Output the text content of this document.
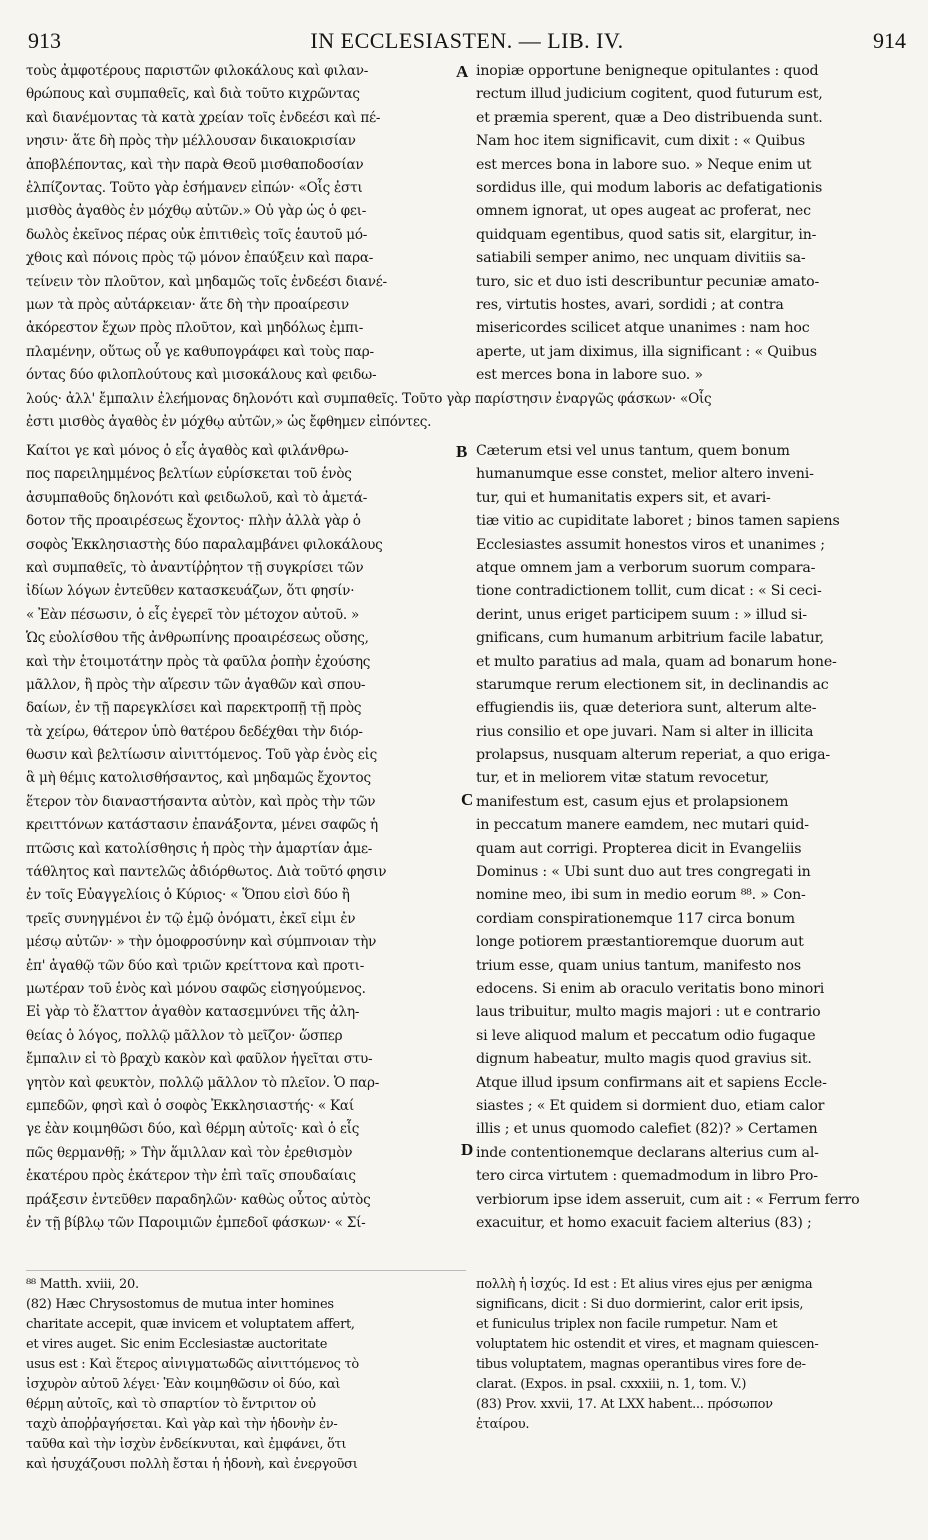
913	IN ECCLESIASTEN. — LIB. IV.	914
τοὺς ἀμφοτέρους παριστῶν φιλοκάλους καὶ φιλαν-
θρώπους καὶ συμπαθεῖς, καὶ διὰ τοῦτο κιχρῶντας
καὶ διανέμοντας τὰ κατὰ χρείαν τοῖς ἐνδεέσι καὶ πέ-
νησιν· ἅτε δὴ πρὸς τὴν μέλλουσαν δικαιοκρισίαν
ἀποβλέποντας, καὶ τὴν παρὰ Θεοῦ μισθαποδοσίαν
ἐλπίζοντας. Τοῦτο γὰρ ἐσήμανεν εἰπών· «Οἷς ἐστι
μισθὸς ἀγαθὸς ἐν μόχθῳ αὐτῶν.» Οὐ γὰρ ὡς ὁ φει-
δωλὸς ἐκεῖνος πέρας οὐκ ἐπιτιθεὶς τοῖς ἑαυτοῦ μό-
χθοις καὶ πόνοις πρὸς τῷ μόνον ἐπαύξειν καὶ παρα-
τείνειν τὸν πλοῦτον, καὶ μηδαμῶς τοῖς ἐνδεέσι διανέ-
μων τὰ πρὸς αὐτάρκειαν· ἅτε δὴ τὴν προαίρεσιν
ἀκόρεστον ἔχων πρὸς πλοῦτον, καὶ μηδόλως ἐμπι-
πλαμένην, οὕτως οὗ γε καθυπογράφει καὶ τοὺς παρ-
όντας δύο φιλοπλούτους καὶ μισοκάλους καὶ φειδω-
inopiæ opportune benigneque opitulantes : quod
rectum illud judicium cogitent, quod futurum est,
et præmia sperent, quæ a Deo distribuenda sunt.
Nam hoc item significavit, cum dixit : « Quibus
est merces bona in labore suo. » Neque enim ut
sordidus ille, qui modum laboris ac defatigationis
omnem ignorat, ut opes augeat ac proferat, nec
quidquam egentibus, quod satis sit, elargitur, in-
satiabili semper animo, nec unquam divitiis sa-
turo, sic et duo isti describuntur pecuniæ amato-
res, virtutis hostes, avari, sordidi ; at contra
misericordes scilicet atque unanimes : nam hoc
aperte, ut jam diximus, illa significant : « Quibus
est merces bona in labore suo. »
A
λούς· ἀλλ' ἔμπαλιν ἐλεήμονας δηλονότι καὶ συμπαθεῖς. Τοῦτο γὰρ παρίστησιν ἐναργῶς φάσκων· «Οἷς
ἐστι μισθὸς ἀγαθὸς ἐν μόχθῳ αὐτῶν,» ὡς ἔφθημεν εἰπόντες.
Καίτοι γε καὶ μόνος ὁ εἷς ἀγαθὸς καὶ φιλάνθρω-
πος παρειλημμένος βελτίων εὑρίσκεται τοῦ ἑνὸς
ἀσυμπαθοῦς δηλονότι καὶ φειδωλοῦ, καὶ τὸ ἀμετά-
δοτον τῆς προαιρέσεως ἔχοντος· πλὴν ἀλλὰ γὰρ ὁ
σοφὸς Ἐκκλησιαστὴς δύο παραλαμβάνει φιλοκάλους
καὶ συμπαθεῖς, τὸ ἀναντίῤῥητον τῇ συγκρίσει τῶν
ἰδίων λόγων ἐντεῦθεν κατασκευάζων, ὅτι φησίν·
« Ἐὰν πέσωσιν, ὁ εἷς ἐγερεῖ τὸν μέτοχον αὐτοῦ. »
Ὡς εὐολίσθου τῆς ἀνθρωπίνης προαιρέσεως οὔσης,
καὶ τὴν ἑτοιμοτάτην πρὸς τὰ φαῦλα ῥοπὴν ἐχούσης
μᾶλλον, ἢ πρὸς τὴν αἵρεσιν τῶν ἀγαθῶν καὶ σπου-
δαίων, ἐν τῇ παρεγκλίσει καὶ παρεκτροπῇ τῇ πρὸς
τὰ χείρω, θάτερον ὑπὸ θατέρου δεδέχθαι τὴν διόρ-
θωσιν καὶ βελτίωσιν αἰνιττόμενος. Τοῦ γὰρ ἑνὸς εἰς
ἃ μὴ θέμις κατολισθήσαντος, καὶ μηδαμῶς ἔχοντος
ἕτερον τὸν διαναστήσαντα αὐτὸν, καὶ πρὸς τὴν τῶν
κρειττόνων κατάστασιν ἐπανάξοντα, μένει σαφῶς ἡ
πτῶσις καὶ κατολίσθησις ἡ πρὸς τὴν ἁμαρτίαν ἀμε-
τάθλητος καὶ παντελῶς ἀδιόρθωτος. Διὰ τοῦτό φησιν
ἐν τοῖς Εὐαγγελίοις ὁ Κύριος· « Ὅπου εἰσὶ δύο ἢ
τρεῖς συνηγμένοι ἐν τῷ ἐμῷ ὀνόματι, ἐκεῖ εἰμι ἐν
μέσῳ αὐτῶν· » τὴν ὁμοφροσύνην καὶ σύμπνοιαν τὴν
ἐπ' ἀγαθῷ τῶν δύο καὶ τριῶν κρείττονα καὶ προτι-
μωτέραν τοῦ ἑνὸς καὶ μόνου σαφῶς εἰσηγούμενος.
Εἰ γὰρ τὸ ἔλαττον ἀγαθὸν κατασεμνύνει τῆς ἀλη-
θείας ὁ λόγος, πολλῷ μᾶλλον τὸ μεῖζον· ὥσπερ
ἔμπαλιν εἰ τὸ βραχὺ κακὸν καὶ φαῦλον ἡγεῖται στυ-
γητὸν καὶ φευκτὸν, πολλῷ μᾶλλον τὸ πλεῖον. Ὁ παρ-
εμπεδῶν, φησὶ καὶ ὁ σοφὸς Ἐκκλησιαστής· « Καί
γε ἐὰν κοιμηθῶσι δύο, καὶ θέρμη αὐτοῖς· καὶ ὁ εἷς
πῶς θερμανθῇ; » Τὴν ἅμιλλαν καὶ τὸν ἐρεθισμὸν
ἑκατέρου πρὸς ἑκάτερον τὴν ἐπὶ ταῖς σπουδαίαις
πράξεσιν ἐντεῦθεν παραδηλῶν· καθὼς οὗτος αὐτὸς
ἐν τῇ βίβλῳ τῶν Παροιμιῶν ἐμπεδοῖ φάσκων· « Σί-
Cæterum etsi vel unus tantum, quem bonum
humanumque esse constet, melior altero inveni-
tur, qui et humanitatis expers sit, et avari-
tiæ vitio ac cupiditate laboret ; binos tamen sapiens
Ecclesiastes assumit honestos viros et unanimes ;
atque omnem jam a verborum suorum compara-
tione contradictionem tollit, cum dicat : « Si ceci-
derint, unus eriget participem suum : » illud si-
gnificans, cum humanum arbitrium facile labatur,
et multo paratius ad mala, quam ad bonarum hone-
starumque rerum electionem sit, in declinandis ac
effugiendis iis, quæ deteriora sunt, alterum alte-
rius consilio et ope juvari. Nam si alter in illicita
prolapsus, nusquam alterum reperiat, a quo eriga-
tur, et in meliorem vitæ statum revocetur,
manifestum est, casum ejus et prolapsionem
in peccatum manere eamdem, nec mutari quid-
quam aut corrigi. Propterea dicit in Evangeliis
Dominus : « Ubi sunt duo aut tres congregati in
nomine meo, ibi sum in medio eorum ⁸⁸. » Con-
cordiam conspirationemque 117 circa bonum
longe potiorem præstantioremque duorum aut
trium esse, quam unius tantum, manifesto nos
edocens. Si enim ab oraculo veritatis bono minori
laus tribuitur, multo magis majori : ut e contrario
si leve aliquod malum et peccatum odio fugaque
dignum habeatur, multo magis quod gravius sit.
Atque illud ipsum confirmans ait et sapiens Eccle-
siastes ; « Et quidem si dormient duo, etiam calor
illis ; et unus quomodo calefiet (82)? » Certamen
inde contentionemque declarans alterius cum al-
tero circa virtutem : quemadmodum in libro Pro-
verbiorum ipse idem asseruit, cum ait : « Ferrum ferro
exacuitur, et homo exacuit faciem alterius (83) ;
B
C
D
⁸⁸ Matth. xviii, 20.
(82) Hæc Chrysostomus de mutua inter homines
charitate accepit, quæ invicem et voluptatem affert,
et vires auget. Sic enim Ecclesiastæ auctoritate
usus est : Καὶ ἕτερος αἰνιγματωδῶς αἰνιττόμενος τὸ
ἰσχυρὸν αὐτοῦ λέγει· Ἐὰν κοιμηθῶσιν οἱ δύο, καὶ
θέρμη αὐτοῖς, καὶ τὸ σπαρτίον τὸ ἔντριτον οὐ
ταχὺ ἀποῤῥαγήσεται. Καὶ γὰρ καὶ τὴν ἡδονὴν ἐν-
ταῦθα καὶ τὴν ἰσχὺν ἐνδείκνυται, καὶ ἐμφάνει, ὅτι
καὶ ἡσυχάζουσι πολλὴ ἔσται ἡ ἡδονὴ, καὶ ἐνεργοῦσι
πολλὴ ἡ ἰσχύς. Id est : Et alius vires ejus per ænigma
significans, dicit : Si duo dormierint, calor erit ipsis,
et funiculus triplex non facile rumpetur. Nam et
voluptatem hic ostendit et vires, et magnam quiescen-
tibus voluptatem, magnas operantibus vires fore de-
clarat. (Expos. in psal. cxxxiii, n. 1, tom. V.)
(83) Prov. xxvii, 17. At LXX habent... πρόσωπον
ἑταίρου.
